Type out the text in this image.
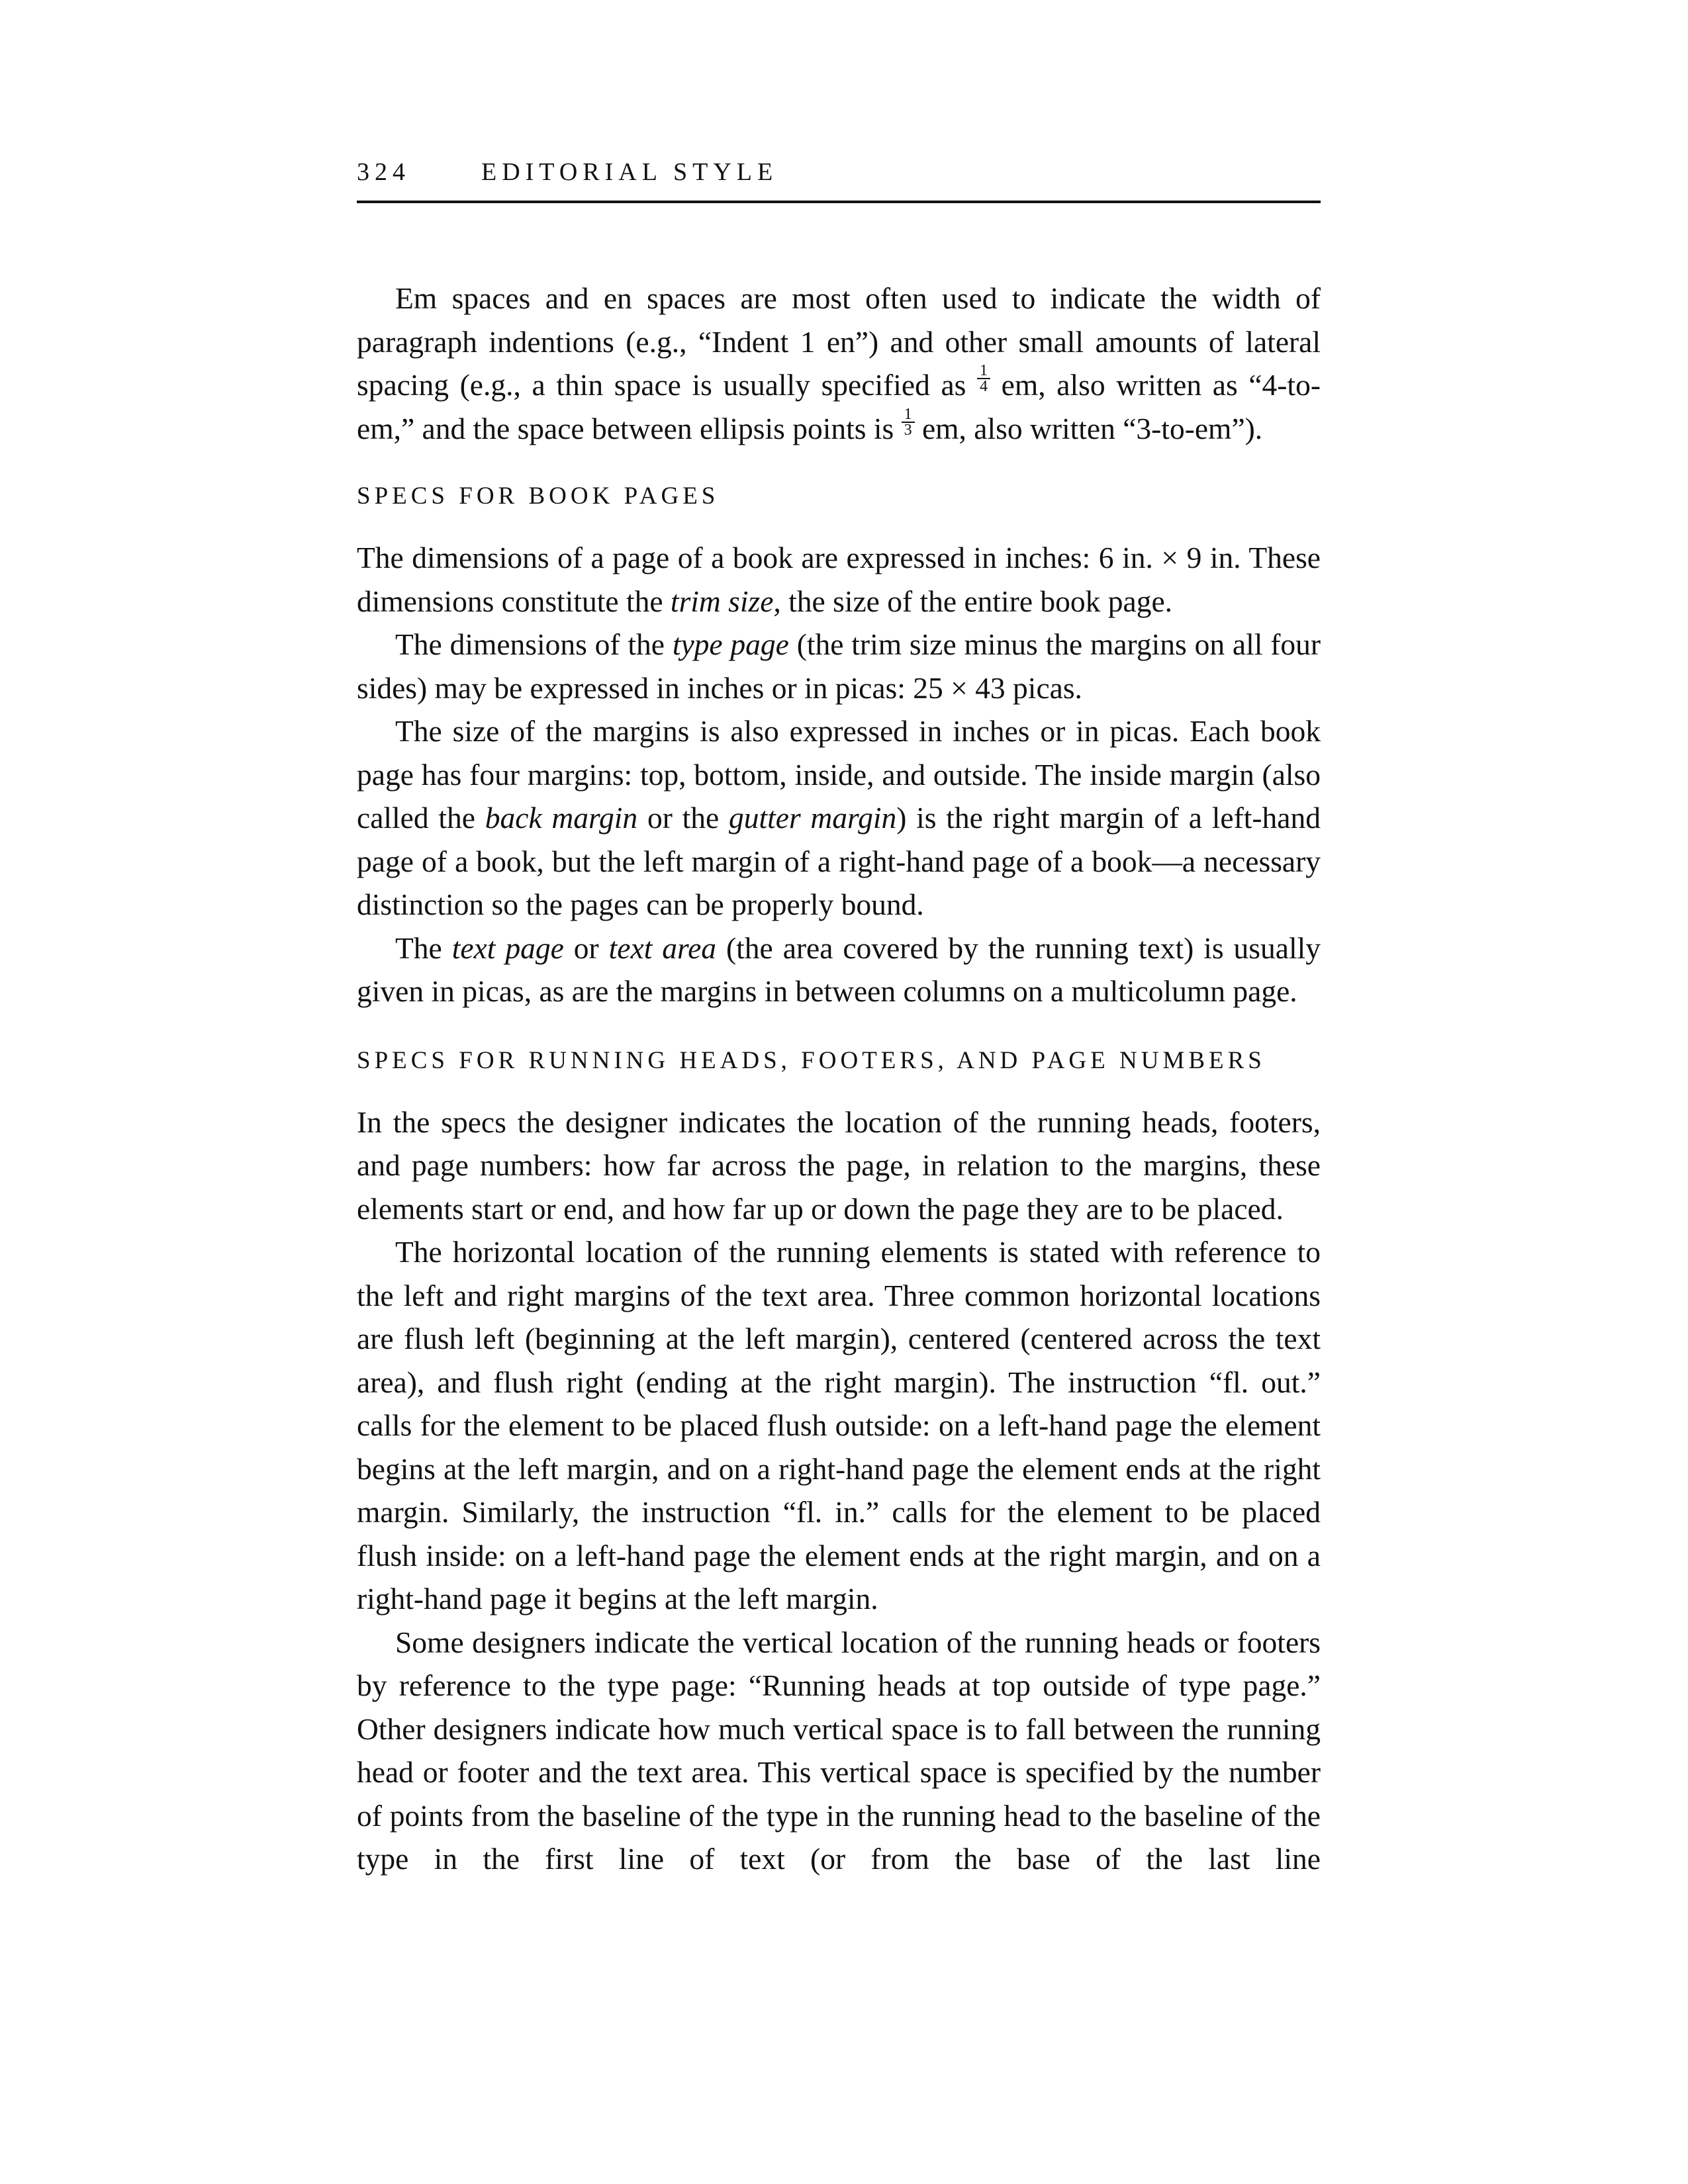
324	EDITORIAL STYLE

Em spaces and en spaces are most often used to indicate the width of paragraph indentions (e.g., “Indent 1 en”) and other small amounts of lateral spacing (e.g., a thin space is usually specified as $\frac{1}{4}$ em, also written as “4-to-em,” and the space between ellipsis points is $\frac{1}{3}$ em, also written “3-to-em”).

SPECS FOR BOOK PAGES

The dimensions of a page of a book are expressed in inches: 6 in. × 9 in. These dimensions constitute the trim size, the size of the entire book page.

The dimensions of the type page (the trim size minus the margins on all four sides) may be expressed in inches or in picas: 25 × 43 picas.

The size of the margins is also expressed in inches or in picas. Each book page has four margins: top, bottom, inside, and outside. The inside margin (also called the back margin or the gutter margin) is the right margin of a left-hand page of a book, but the left margin of a right-hand page of a book—a necessary distinction so the pages can be properly bound.

The text page or text area (the area covered by the running text) is usually given in picas, as are the margins in between columns on a multicolumn page.

SPECS FOR RUNNING HEADS, FOOTERS, AND PAGE NUMBERS

In the specs the designer indicates the location of the running heads, footers, and page numbers: how far across the page, in relation to the margins, these elements start or end, and how far up or down the page they are to be placed.

The horizontal location of the running elements is stated with reference to the left and right margins of the text area. Three common horizontal locations are flush left (beginning at the left margin), centered (centered across the text area), and flush right (ending at the right margin). The instruction “fl. out.” calls for the element to be placed flush outside: on a left-hand page the element begins at the left margin, and on a right-hand page the element ends at the right margin. Similarly, the instruction “fl. in.” calls for the element to be placed flush inside: on a left-hand page the element ends at the right margin, and on a right-hand page it begins at the left margin.

Some designers indicate the vertical location of the running heads or footers by reference to the type page: “Running heads at top outside of type page.” Other designers indicate how much vertical space is to fall between the running head or footer and the text area. This vertical space is specified by the number of points from the baseline of the type in the running head to the baseline of the type in the first line of text (or from the base of the last line
